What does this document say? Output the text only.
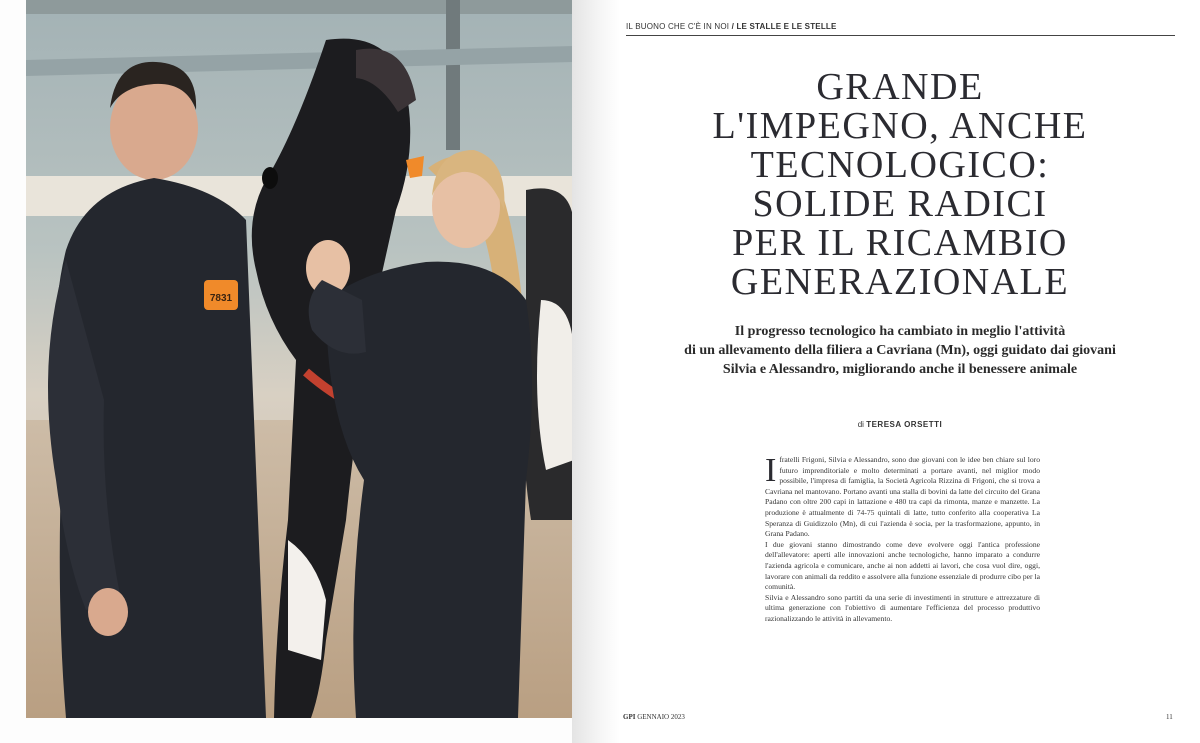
7831
IL BUONO CHE C'È IN NOI / LE STALLE E LE STELLE
GRANDE
L'IMPEGNO, ANCHE
TECNOLOGICO:
SOLIDE RADICI
PER IL RICAMBIO
GENERAZIONALE

Il progresso tecnologico ha cambiato in meglio l'attività
di un allevamento della filiera a Cavriana (Mn), oggi guidato dai giovani
Silvia e Alessandro, migliorando anche il benessere animale

di TERESA ORSETTI

Ifratelli Frigoni, Silvia e Alessandro, sono due giovani con le idee ben chiare sul loro futuro imprenditoriale e molto determinati a portare avanti, nel miglior modo possibile, l'impresa di famiglia, la Società Agricola Rizzina di Frigoni, che si trova a Cavriana nel mantovano. Portano avanti una stalla di bovini da latte del circuito del Grana Padano con oltre 200 capi in lattazione e 480 tra capi da rimonta, manze e manzette. La produzione è attualmente di 74-75 quintali di latte, tutto conferito alla cooperativa La Speranza di Guidizzolo (Mn), di cui l'azienda è socia, per la trasformazione, appunto, in Grana Padano.

I due giovani stanno dimostrando come deve evolvere oggi l'antica professione dell'allevatore: aperti alle innovazioni anche tecnologiche, hanno imparato a condurre l'azienda agricola e comunicare, anche ai non addetti ai lavori, che cosa vuol dire, oggi, lavorare con animali da reddito e assolvere alla funzione essenziale di produrre cibo per la comunità.

Silvia e Alessandro sono partiti da una serie di investimenti in strutture e attrezzature di ultima generazione con l'obiettivo di aumentare l'efficienza del processo produttivo razionalizzando le attività in allevamento.

GPI GENNAIO 2023	11
